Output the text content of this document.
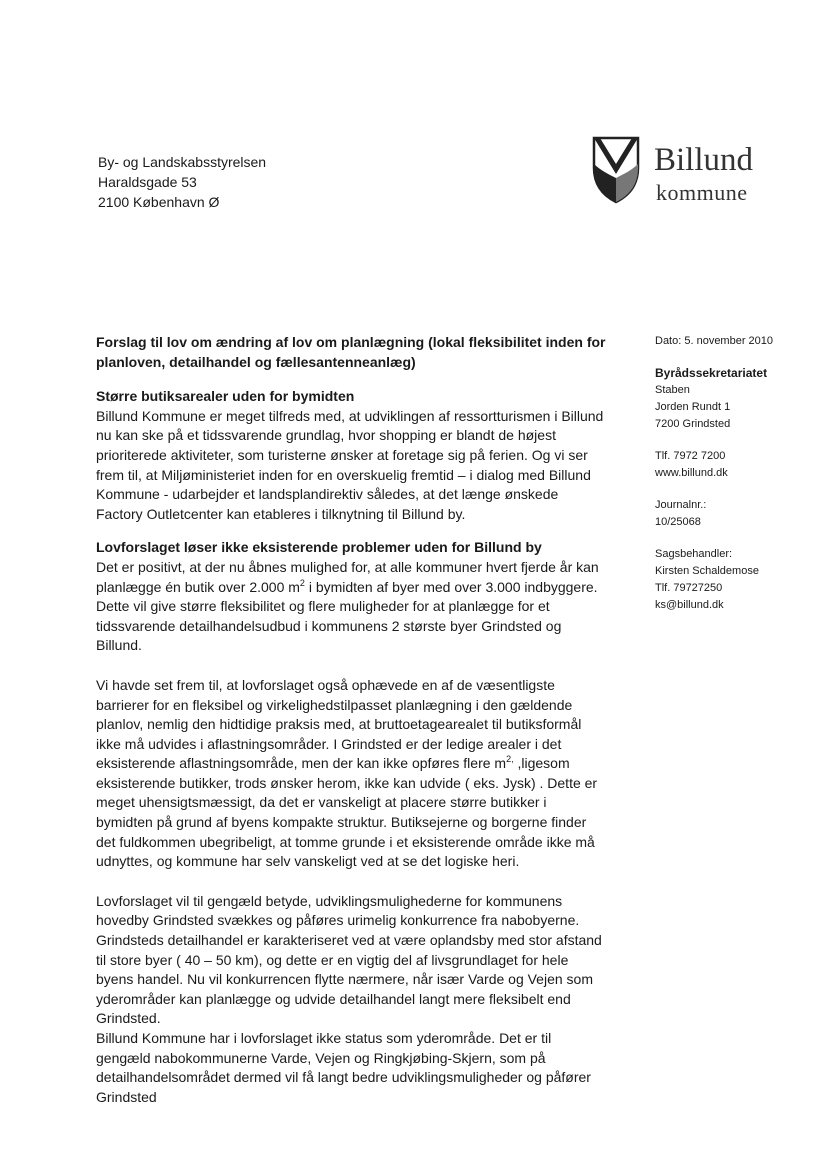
By- og Landskabsstyrelsen
Haraldsgade 53
2100 København Ø
Billund
kommune

Forslag til lov om ændring af lov om planlægning (lokal fleksibilitet inden for planloven, detailhandel og fællesantenneanlæg)

Større butiksarealer uden for bymidten

Billund Kommune er meget tilfreds med, at udviklingen af ressortturismen i Billund nu kan ske på et tidssvarende grundlag, hvor shopping er blandt de højest prioriterede aktiviteter, som turisterne ønsker at foretage sig på ferien. Og vi ser frem til, at Miljøministeriet inden for en overskuelig fremtid – i dialog med Billund Kommune - udarbejder et landsplandirektiv således, at det længe ønskede Factory Outletcenter kan etableres i tilknytning til Billund by.

Lovforslaget løser ikke eksisterende problemer uden for Billund by

Det er positivt, at der nu åbnes mulighed for, at alle kommuner hvert fjerde år kan planlægge én butik over 2.000 $m^2$ i bymidten af byer med over 3.000 indbyggere. Dette vil give større fleksibilitet og flere muligheder for at planlægge for et tidssvarende detailhandelsudbud i kommunens 2 største byer Grindsted og Billund.

Vi havde set frem til, at lovforslaget også ophævede en af de væsentligste barrierer for en fleksibel og virkelighedstilpasset planlægning i den gældende planlov, nemlig den hidtidige praksis med, at bruttoetagearealet til butiksformål ikke må udvides i aflastningsområder. I Grindsted er der ledige arealer i det eksisterende aflastningsområde, men der kan ikke opføres flere $m^{2,}$ ,ligesom eksisterende butikker, trods ønsker herom, ikke kan udvide ( eks. Jysk) . Dette er meget uhensigtsmæssigt, da det er vanskeligt at placere større butikker i bymidten på grund af byens kompakte struktur. Butiksejerne og borgerne finder det fuldkommen ubegribeligt, at tomme grunde i et eksisterende område ikke må udnyttes, og kommune har selv vanskeligt ved at se det logiske heri.

Lovforslaget vil til gengæld betyde, udviklingsmulighederne for kommunens hovedby Grindsted svækkes og påføres urimelig konkurrence fra nabobyerne. Grindsteds detailhandel er karakteriseret ved at være oplandsby med stor afstand til store byer ( 40 – 50 km), og dette er en vigtig del af livsgrundlaget for hele byens handel. Nu vil konkurrencen flytte nærmere, når især Varde og Vejen som yderområder kan planlægge og udvide detailhandel langt mere fleksibelt end Grindsted.

Billund Kommune har i lovforslaget ikke status som yderområde. Det er til gengæld nabokommunerne Varde, Vejen og Ringkjøbing-Skjern, som på detailhandelsområdet dermed vil få langt bedre udviklingsmuligheder og påfører Grindsted

Dato: 5. november 2010
Byrådssekretariatet
Staben
Jorden Rundt 1
7200 Grindsted
Tlf. 7972 7200
www.billund.dk
Journalnr.:
10/25068
Sagsbehandler:
Kirsten Schaldemose
Tlf. 79727250
ks@billund.dk
